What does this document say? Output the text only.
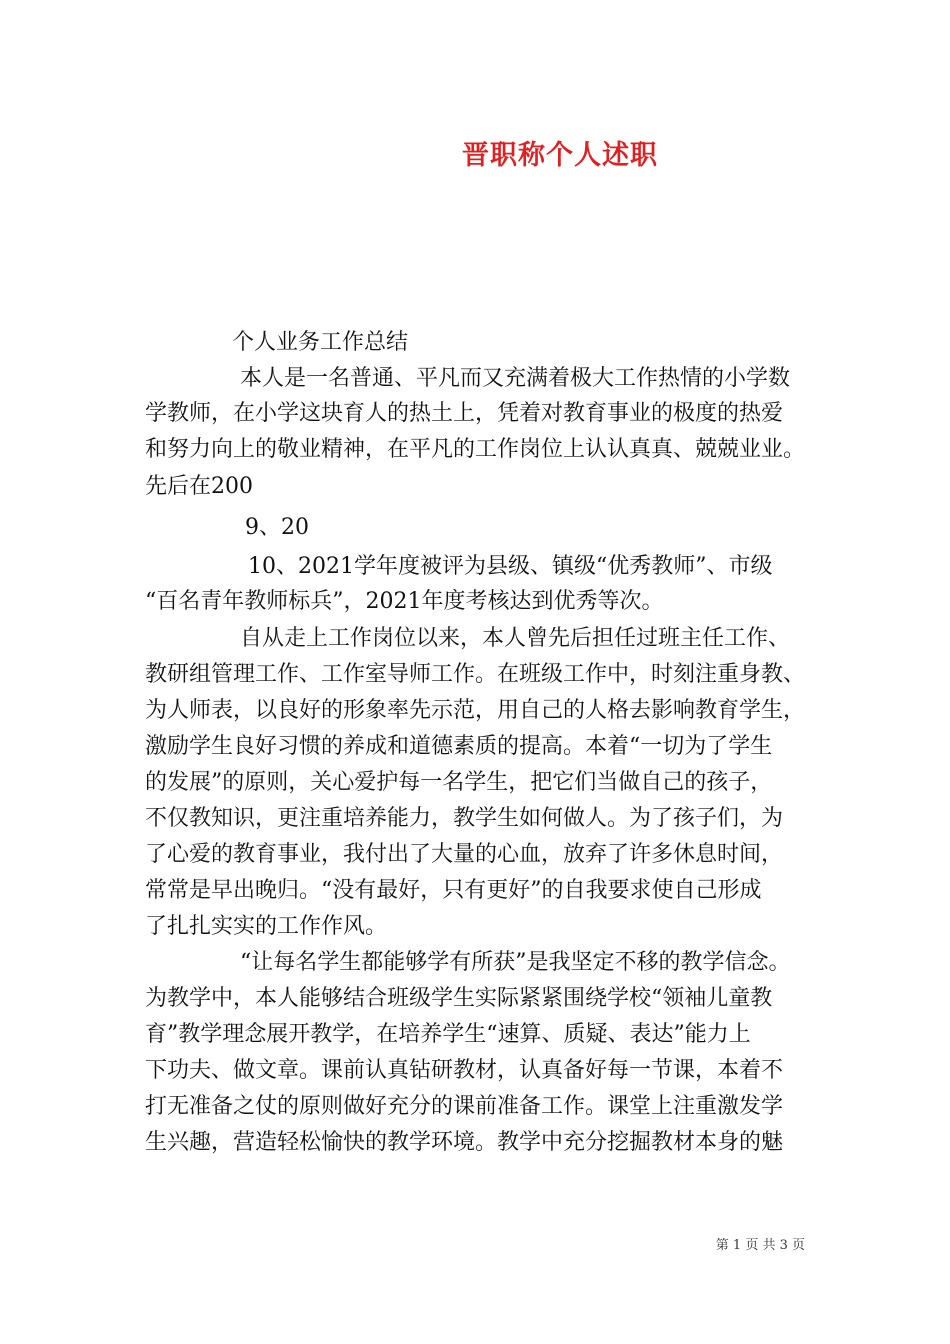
晋职称个人述职
个人业务工作总结
本人是一名普通、平凡而又充满着极大工作热情的小学数
学教师，在小学这块育人的热土上，凭着对教育事业的极度的热爱
和努力向上的敬业精神，在平凡的工作岗位上认认真真、兢兢业业。
先后在200
9、20
10、2021学年度被评为县级、镇级“优秀教师”、市级
“百名青年教师标兵”，2021年度考核达到优秀等次。
自从走上工作岗位以来，本人曾先后担任过班主任工作、
教研组管理工作、工作室导师工作。在班级工作中，时刻注重身教、
为人师表，以良好的形象率先示范，用自己的人格去影响教育学生，
激励学生良好习惯的养成和道德素质的提高。本着“一切为了学生
的发展”的原则，关心爱护每一名学生，把它们当做自己的孩子，
不仅教知识，更注重培养能力，教学生如何做人。为了孩子们，为
了心爱的教育事业，我付出了大量的心血，放弃了许多休息时间，
常常是早出晚归。“没有最好，只有更好”的自我要求使自己形成
了扎扎实实的工作作风。
“让每名学生都能够学有所获”是我坚定不移的教学信念。
为教学中，本人能够结合班级学生实际紧紧围绕学校“领袖儿童教
育”教学理念展开教学，在培养学生“速算、质疑、表达”能力上
下功夫、做文章。课前认真钻研教材，认真备好每一节课，本着不
打无准备之仗的原则做好充分的课前准备工作。课堂上注重激发学
生兴趣，营造轻松愉快的教学环境。教学中充分挖掘教材本身的魅
第 1 页 共 3 页
